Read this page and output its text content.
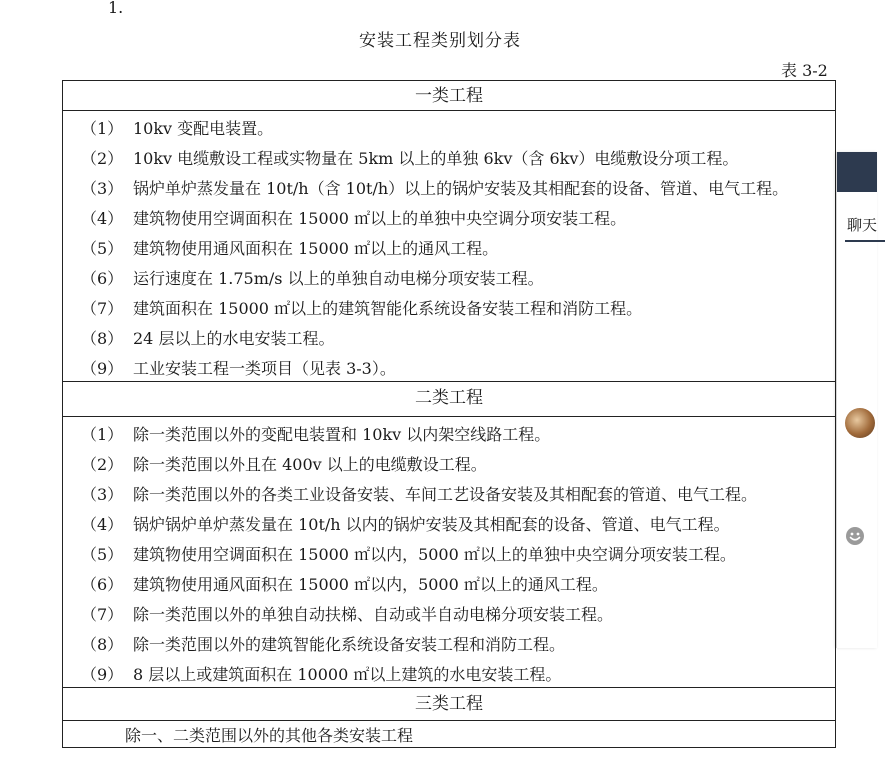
1.
安装工程类别划分表
表 3-2
一类工程
（1） 10kv 变配电装置。
（2） 10kv 电缆敷设工程或实物量在 5km 以上的单独 6kv（含 6kv）电缆敷设分项工程。
（3） 锅炉单炉蒸发量在 10t/h（含 10t/h）以上的锅炉安装及其相配套的设备、管道、电气工程。
（4） 建筑物使用空调面积在 15000 ㎡以上的单独中央空调分项安装工程。
（5） 建筑物使用通风面积在 15000 ㎡以上的通风工程。
（6） 运行速度在 1.75m/s 以上的单独自动电梯分项安装工程。
（7） 建筑面积在 15000 ㎡以上的建筑智能化系统设备安装工程和消防工程。
（8） 24 层以上的水电安装工程。
（9） 工业安装工程一类项目（见表 3-3）。
二类工程
（1） 除一类范围以外的变配电装置和 10kv 以内架空线路工程。
（2） 除一类范围以外且在 400v 以上的电缆敷设工程。
（3） 除一类范围以外的各类工业设备安装、车间工艺设备安装及其相配套的管道、电气工程。
（4） 锅炉锅炉单炉蒸发量在 10t/h 以内的锅炉安装及其相配套的设备、管道、电气工程。
（5） 建筑物使用空调面积在 15000 ㎡以内，5000 ㎡以上的单独中央空调分项安装工程。
（6） 建筑物使用通风面积在 15000 ㎡以内，5000 ㎡以上的通风工程。
（7） 除一类范围以外的单独自动扶梯、自动或半自动电梯分项安装工程。
（8） 除一类范围以外的建筑智能化系统设备安装工程和消防工程。
（9） 8 层以上或建筑面积在 10000 ㎡以上建筑的水电安装工程。
三类工程
除一、二类范围以外的其他各类安装工程
聊天
